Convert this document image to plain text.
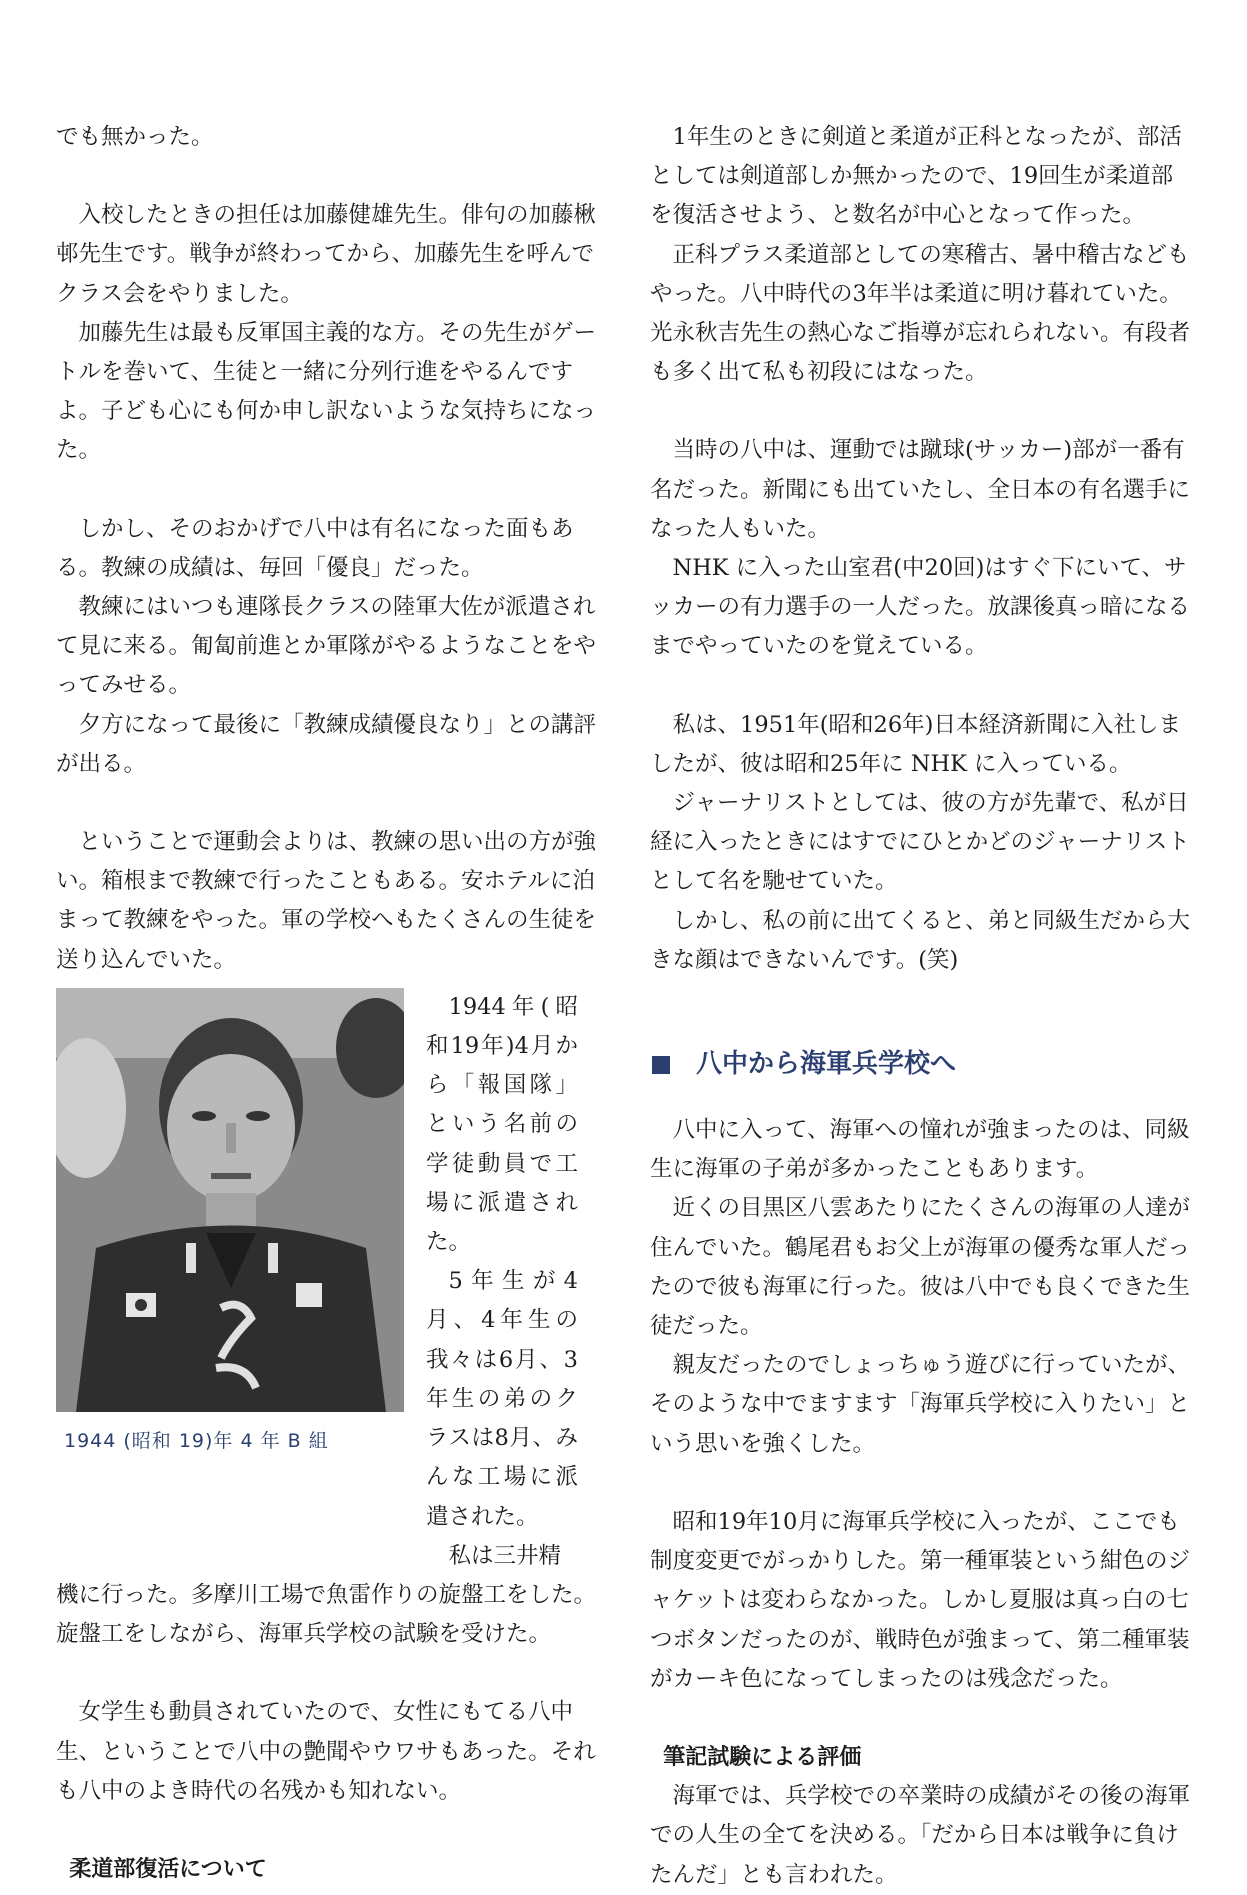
でも無かった。

入校したときの担任は加藤健雄先生。俳句の加藤楸邨先生です。戦争が終わってから、加藤先生を呼んでクラス会をやりました。

加藤先生は最も反軍国主義的な方。その先生がゲートルを巻いて、生徒と一緒に分列行進をやるんですよ。子ども心にも何か申し訳ないような気持ちになった。

しかし、そのおかげで八中は有名になった面もある。教練の成績は、毎回「優良」だった。

教練にはいつも連隊長クラスの陸軍大佐が派遣されて見に来る。匍匐前進とか軍隊がやるようなことをやってみせる。

夕方になって最後に「教練成績優良なり」との講評が出る。

ということで運動会よりは、教練の思い出の方が強い。箱根まで教練で行ったこともある。安ホテルに泊まって教練をやった。軍の学校へもたくさんの生徒を送り込んでいた。

1944 (昭和 19)年 4 年 B 組

1944年(昭和19年)4月から「報国隊」という名前の学徒動員で工場に派遣された。

5年生が4月、4年生の我々は6月、3年生の弟のクラスは8月、みんな工場に派遣された。

私は三井精

機に行った。多摩川工場で魚雷作りの旋盤工をした。旋盤工をしながら、海軍兵学校の試験を受けた。

女学生も動員されていたので、女性にもてる八中生、ということで八中の艶聞やウワサもあった。それも八中のよき時代の名残かも知れない。

柔道部復活について

1年生のときに剣道と柔道が正科となったが、部活としては剣道部しか無かったので、19回生が柔道部を復活させよう、と数名が中心となって作った。

正科プラス柔道部としての寒稽古、暑中稽古などもやった。八中時代の3年半は柔道に明け暮れていた。光永秋吉先生の熱心なご指導が忘れられない。有段者も多く出て私も初段にはなった。

当時の八中は、運動では蹴球(サッカー)部が一番有名だった。新聞にも出ていたし、全日本の有名選手になった人もいた。

NHK に入った山室君(中20回)はすぐ下にいて、サッカーの有力選手の一人だった。放課後真っ暗になるまでやっていたのを覚えている。

私は、1951年(昭和26年)日本経済新聞に入社しましたが、彼は昭和25年に NHK に入っている。

ジャーナリストとしては、彼の方が先輩で、私が日経に入ったときにはすでにひとかどのジャーナリストとして名を馳せていた。

しかし、私の前に出てくると、弟と同級生だから大きな顔はできないんです。(笑)

八中から海軍兵学校へ

八中に入って、海軍への憧れが強まったのは、同級生に海軍の子弟が多かったこともあります。

近くの目黒区八雲あたりにたくさんの海軍の人達が住んでいた。鶴尾君もお父上が海軍の優秀な軍人だったので彼も海軍に行った。彼は八中でも良くできた生徒だった。

親友だったのでしょっちゅう遊びに行っていたが、そのような中でますます「海軍兵学校に入りたい」という思いを強くした。

昭和19年10月に海軍兵学校に入ったが、ここでも制度変更でがっかりした。第一種軍装という紺色のジャケットは変わらなかった。しかし夏服は真っ白の七つボタンだったのが、戦時色が強まって、第二種軍装がカーキ色になってしまったのは残念だった。

筆記試験による評価

海軍では、兵学校での卒業時の成績がその後の海軍での人生の全てを決める。「だから日本は戦争に負けたんだ」とも言われた。
